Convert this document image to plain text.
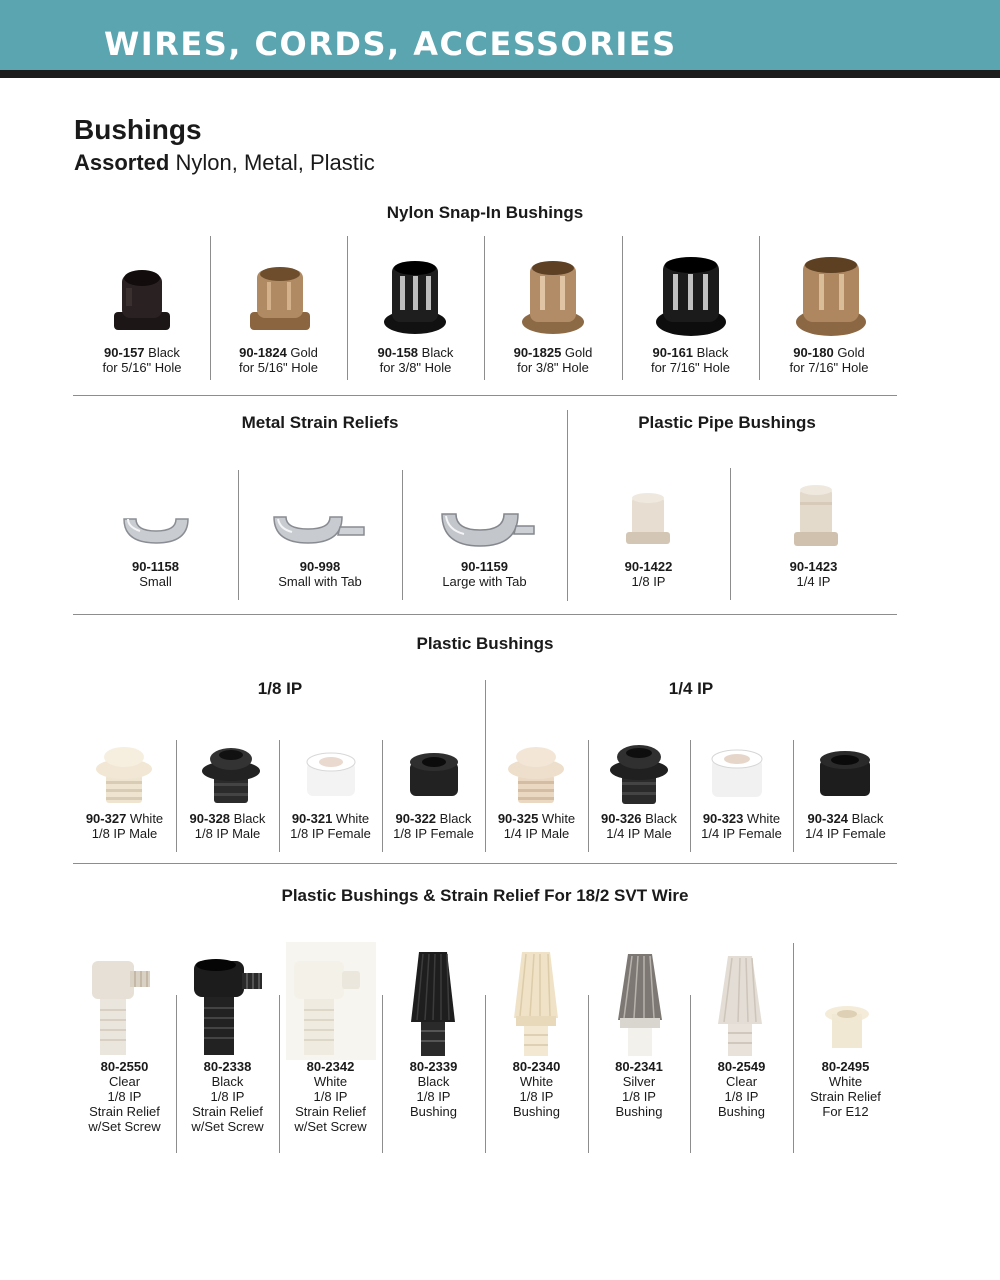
WIRES, CORDS, ACCESSORIES
Bushings
Assorted Nylon, Metal, Plastic
Nylon Snap-In Bushings
90-157 Black
for 5/16" Hole
90-1824 Gold
for 5/16" Hole
90-158 Black
for 3/8" Hole
90-1825 Gold
for 3/8" Hole
90-161 Black
for 7/16" Hole
90-180 Gold
for 7/16" Hole
Metal Strain Reliefs	Plastic Pipe Bushings
90-1158
Small
90-998
Small with Tab
90-1159
Large with Tab
90-1422
1/8 IP
90-1423
1/4 IP
Plastic Bushings
1/8 IP	1/4 IP
90-327 White
1/8 IP Male
90-328 Black
1/8 IP Male
90-321 White
1/8 IP Female
90-322 Black
1/8 IP Female
90-325 White
1/4 IP Male
90-326 Black
1/4 IP Male
90-323 White
1/4 IP Female
90-324 Black
1/4 IP Female
Plastic Bushings & Strain Relief For 18/2 SVT Wire
80-2550
Clear
1/8 IP
Strain Relief
w/Set Screw
80-2338
Black
1/8 IP
Strain Relief
w/Set Screw
80-2342
White
1/8 IP
Strain Relief
w/Set Screw
80-2339
Black
1/8 IP
Bushing
80-2340
White
1/8 IP
Bushing
80-2341
Silver
1/8 IP
Bushing
80-2549
Clear
1/8 IP
Bushing
80-2495
White
Strain Relief
For E12
